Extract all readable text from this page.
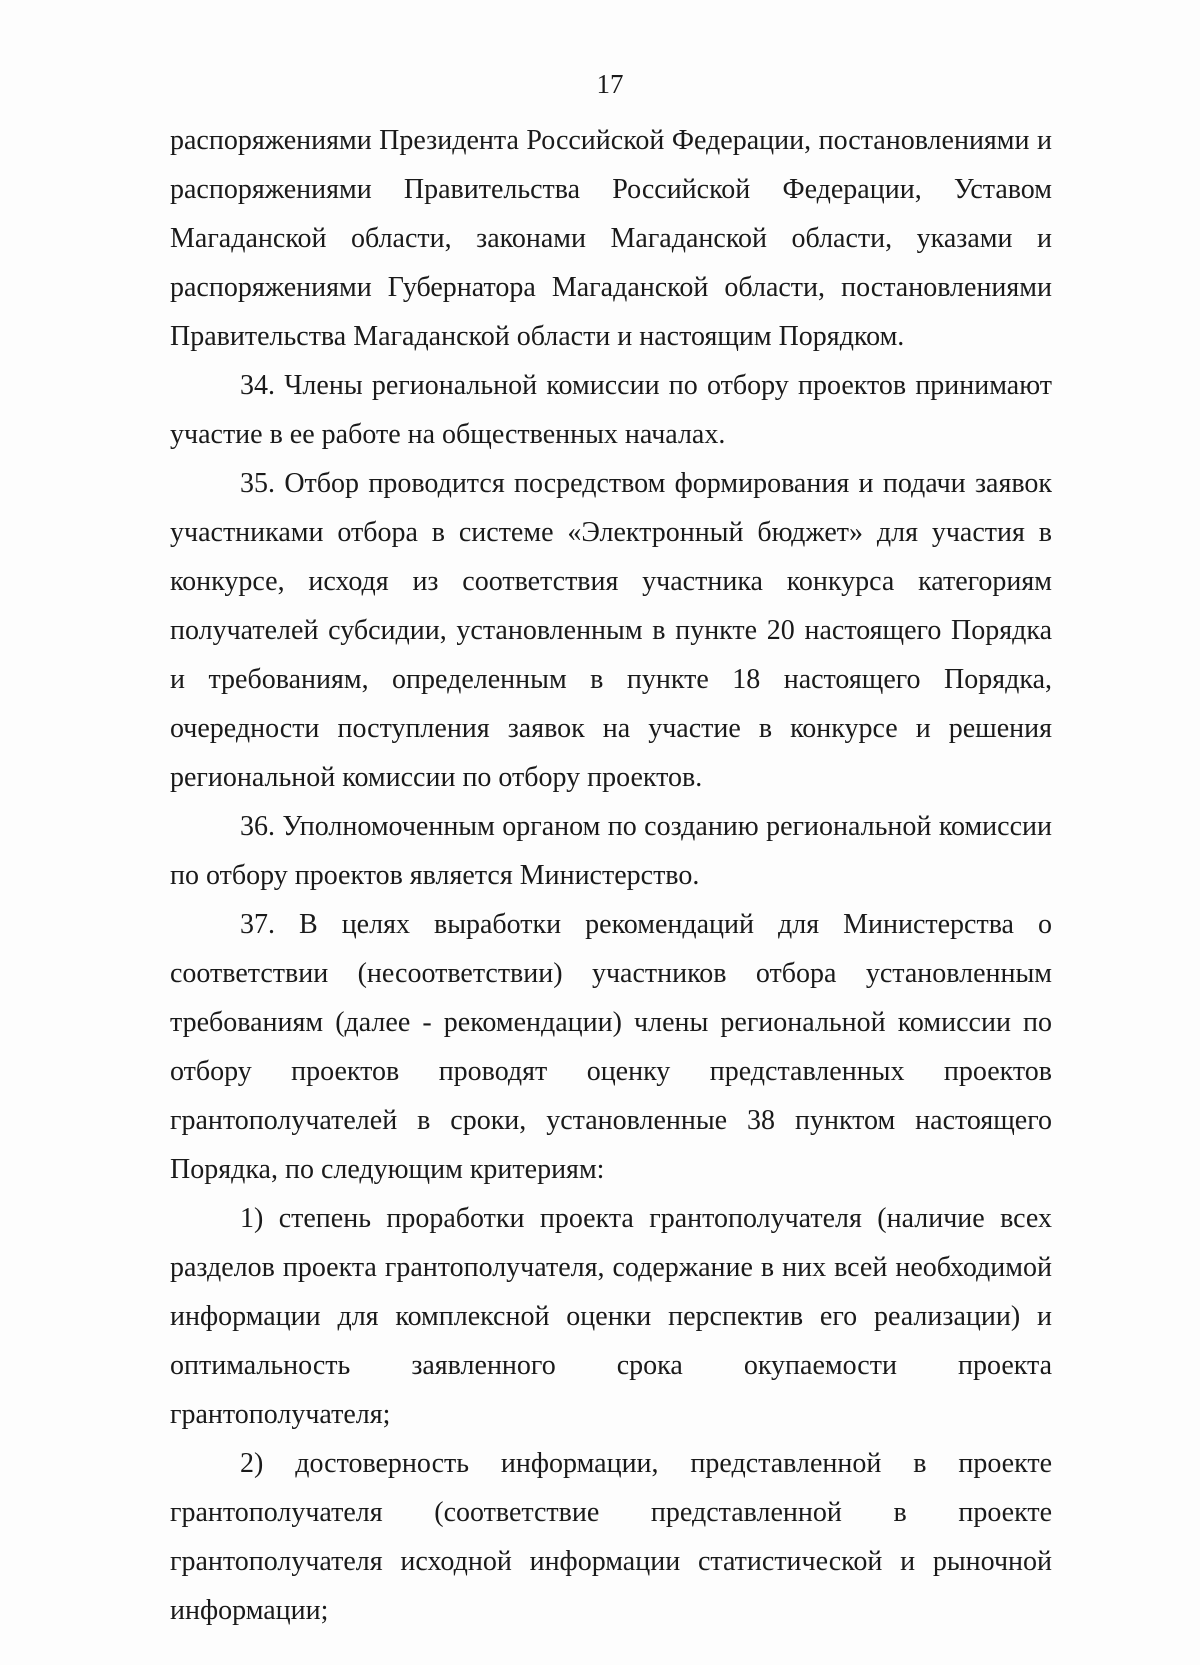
17

распоряжениями Президента Российской Федерации, постановлениями и распоряжениями Правительства Российской Федерации, Уставом Магаданской области, законами Магаданской области, указами и распоряжениями Губернатора Магаданской области, постановлениями Правительства Магаданской области и настоящим Порядком.

34. Члены региональной комиссии по отбору проектов принимают участие в ее работе на общественных началах.

35. Отбор проводится посредством формирования и подачи заявок участниками отбора в системе «Электронный бюджет» для участия в конкурсе, исходя из соответствия участника конкурса категориям получателей субсидии, установленным в пункте 20 настоящего Порядка и требованиям, определенным в пункте 18 настоящего Порядка, очередности поступления заявок на участие в конкурсе и решения региональной комиссии по отбору проектов.

36. Уполномоченным органом по созданию региональной комиссии по отбору проектов является Министерство.

37. В целях выработки рекомендаций для Министерства о соответствии (несоответствии) участников отбора установленным требованиям (далее - рекомендации) члены региональной комиссии по отбору проектов проводят оценку представленных проектов грантополучателей в сроки, установленные 38 пунктом настоящего Порядка, по следующим критериям:

1) степень проработки проекта грантополучателя (наличие всех разделов проекта грантополучателя, содержание в них всей необходимой информации для комплексной оценки перспектив его реализации) и оптимальность заявленного срока окупаемости проекта грантополучателя;

2) достоверность информации, представленной в проекте грантополучателя (соответствие представленной в проекте грантополучателя исходной информации статистической и рыночной информации;
